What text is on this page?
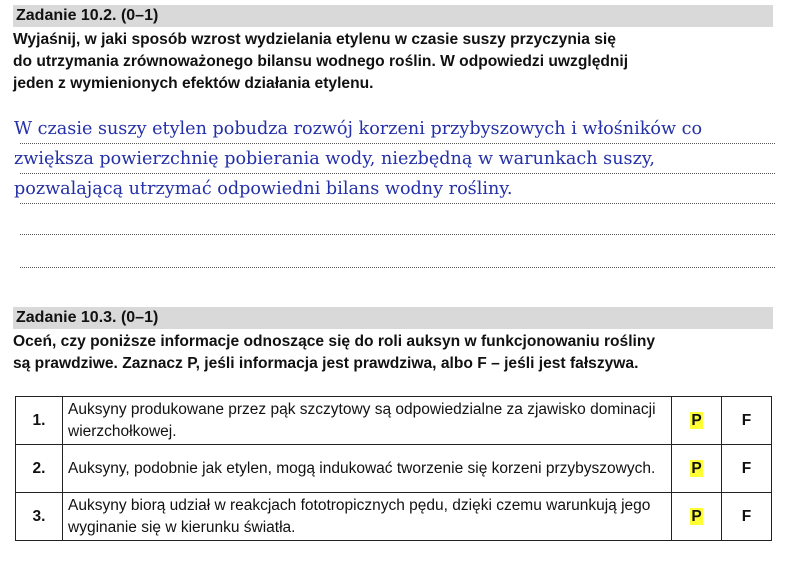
Zadanie 10.2. (0–1)
Wyjaśnij, w jaki sposób wzrost wydzielania etylenu w czasie suszy przyczynia się
do utrzymania zrównoważonego bilansu wodnego roślin. W odpowiedzi uwzględnij
jeden z wymienionych efektów działania etylenu.
W czasie suszy etylen pobudza rozwój korzeni przybyszowych i włośników co
zwiększa powierzchnię pobierania wody, niezbędną w warunkach suszy,
pozwalającą utrzymać odpowiedni bilans wodny rośliny.
Zadanie 10.3. (0–1)
Oceń, czy poniższe informacje odnoszące się do roli auksyn w funkcjonowaniu rośliny
są prawdziwe. Zaznacz P, jeśli informacja jest prawdziwa, albo F – jeśli jest fałszywa.
1.	Auksyny produkowane przez pąk szczytowy są odpowiedzialne za zjawisko dominacji wierzchołkowej.	P	F
2.	Auksyny, podobnie jak etylen, mogą indukować tworzenie się korzeni przybyszowych.	P	F
3.	Auksyny biorą udział w reakcjach fototropicznych pędu, dzięki czemu warunkują jego wyginanie się w kierunku światła.	P	F
